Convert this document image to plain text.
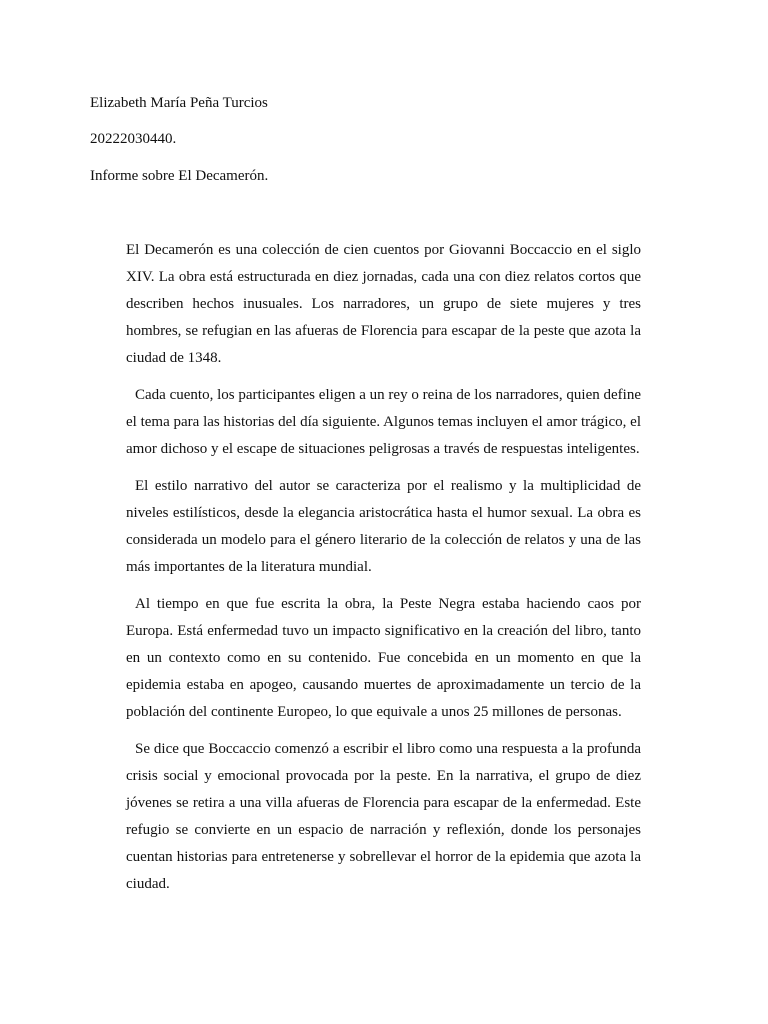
Elizabeth María Peña Turcios

20222030440.

Informe sobre El Decamerón.

El Decamerón es una colección de cien cuentos por Giovanni Boccaccio en el siglo XIV. La obra está estructurada en diez jornadas, cada una con diez relatos cortos que describen hechos inusuales. Los narradores, un grupo de siete mujeres y tres hombres, se refugian en las afueras de Florencia para escapar de la peste que azota la ciudad de 1348.

Cada cuento, los participantes eligen a un rey o reina de los narradores, quien define el tema para las historias del día siguiente. Algunos temas incluyen el amor trágico, el amor dichoso y el escape de situaciones peligrosas a través de respuestas inteligentes.

El estilo narrativo del autor se caracteriza por el realismo y la multiplicidad de niveles estilísticos, desde la elegancia aristocrática hasta el humor sexual. La obra es considerada un modelo para el género literario de la colección de relatos y una de las más importantes de la literatura mundial.

Al tiempo en que fue escrita la obra, la Peste Negra estaba haciendo caos por Europa. Está enfermedad tuvo un impacto significativo en la creación del libro, tanto en un contexto como en su contenido. Fue concebida en un momento en que la epidemia estaba en apogeo, causando muertes de aproximadamente un tercio de la población del continente Europeo, lo que equivale a unos 25 millones de personas.

Se dice que Boccaccio comenzó a escribir el libro como una respuesta a la profunda crisis social y emocional provocada por la peste. En la narrativa, el grupo de diez jóvenes se retira a una villa afueras de Florencia para escapar de la enfermedad. Este refugio se convierte en un espacio de narración y reflexión, donde los personajes cuentan historias para entretenerse y sobrellevar el horror de la epidemia que azota la ciudad.
